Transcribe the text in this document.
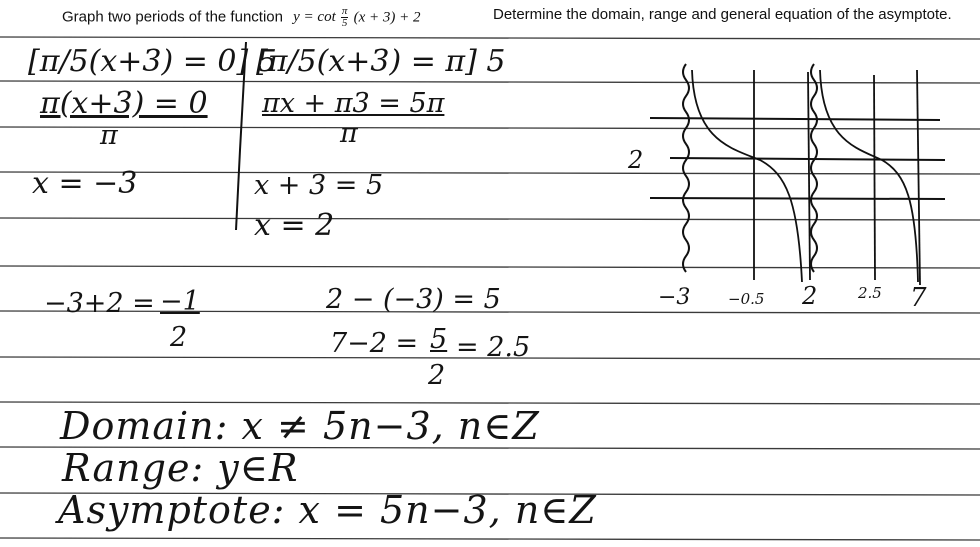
Graph two periods of the function $y = \cot \frac{\pi}{5} (x + 3) + 2$	Determine the domain, range and general equation of the asymptote.
[π/5(x+3) = 0] 5
π(x+3) = 0
π
x = −3
[π/5(x+3) = π] 5
πx + π3 = 5π
π
x + 3 = 5
x = 2
−3+2 = −1
2
2 − (−3) = 5
7−2 = 5
2
= 2.5
2
−3	−0.5 2	2.5 7
Domain: x ≠ 5n−3, n∈Z
Range: y∈R
Asymptote: x = 5n−3, n∈Z
